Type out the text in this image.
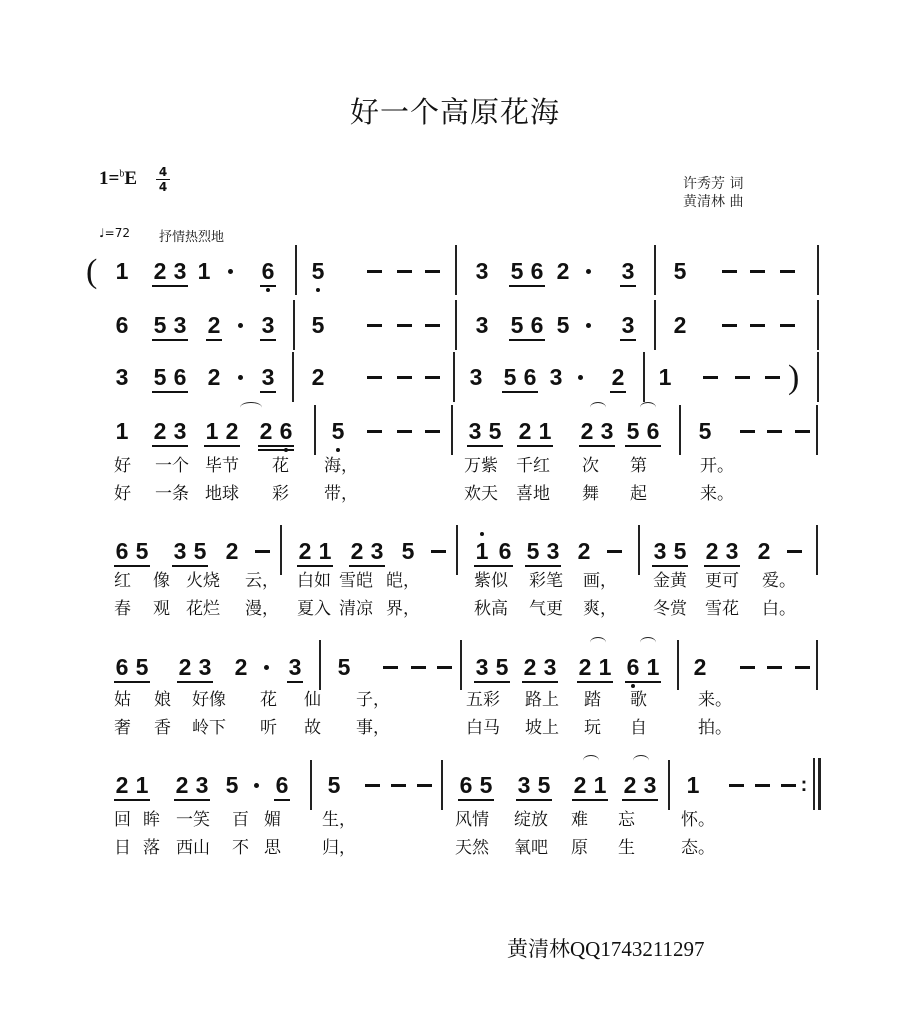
好一个高原花海
1=$^b$E 4
4	许秀芳 词
黄清林 曲
♩=72 抒情热烈地
( 1 2 3 1 6 5	3 5 6 2 3 5
6 5 3 2 3 5	3 5 6 5 3 2
3 5 6 2 3 2	3 5 6 3 2 1	)
1 2 3 1 2 2 6 5	3 5 2 1 2 3 5 6 5
好 一个 毕节 花 海，	万紫 千红 次 第	开。
好 一条 地球 彩 带，	欢天 喜地 舞 起	来。
6 5 3 5 2	2 1 2 3 5	1 6 5 3 2	3 5 2 3 2
红 像 火烧 云， 白如 雪皑 皑，	紫似 彩笔 画， 金黄 更可 爱。
春 观 花烂 漫， 夏入 清凉 界，	秋高 气更 爽， 冬赏 雪花 白。
6 5 2 3 2 3 5	3 5 2 3 2 1 6 1 2
姑 娘 好像 花 仙 子，	五彩 路上 踏 歌	来。
奢 香 岭下 听 故 事，	白马 坡上 玩 自	拍。
2 1 2 3 5 6 5	6 5 3 5 2 1 2 3 1	:
回 眸 一笑 百 媚 生，	风情 绽放 难 忘	怀。
日 落 西山 不 思 归，	天然 氧吧 原 生	态。
黄清林QQ1743211297
